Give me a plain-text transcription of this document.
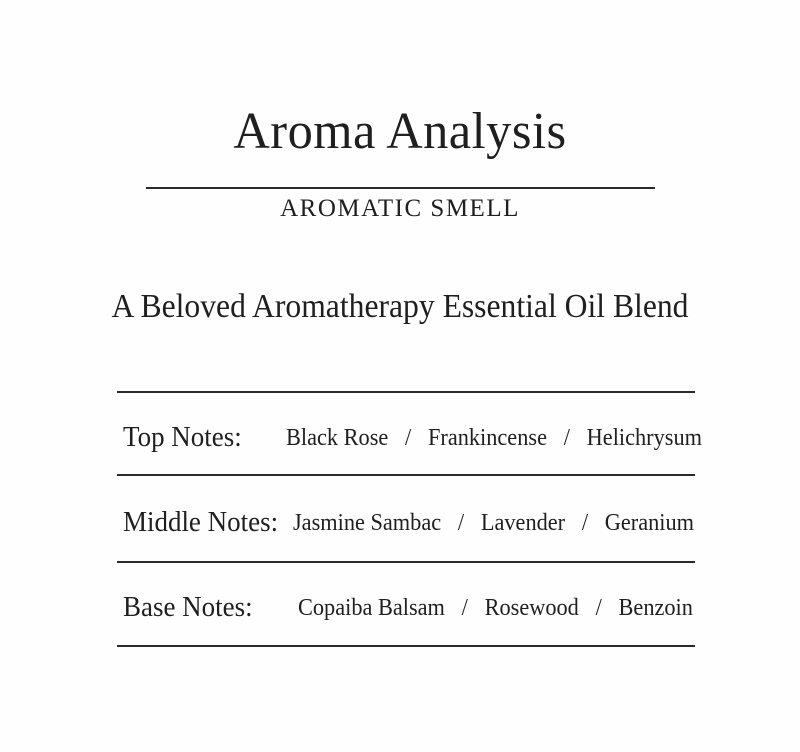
Aroma Analysis
AROMATIC SMELL
A Beloved Aromatherapy Essential Oil Blend
Top Notes: Black Rose / Frankincense / Helichrysum
Middle Notes: Jasmine Sambac / Lavender / Geranium
Base Notes: Copaiba Balsam / Rosewood / Benzoin
